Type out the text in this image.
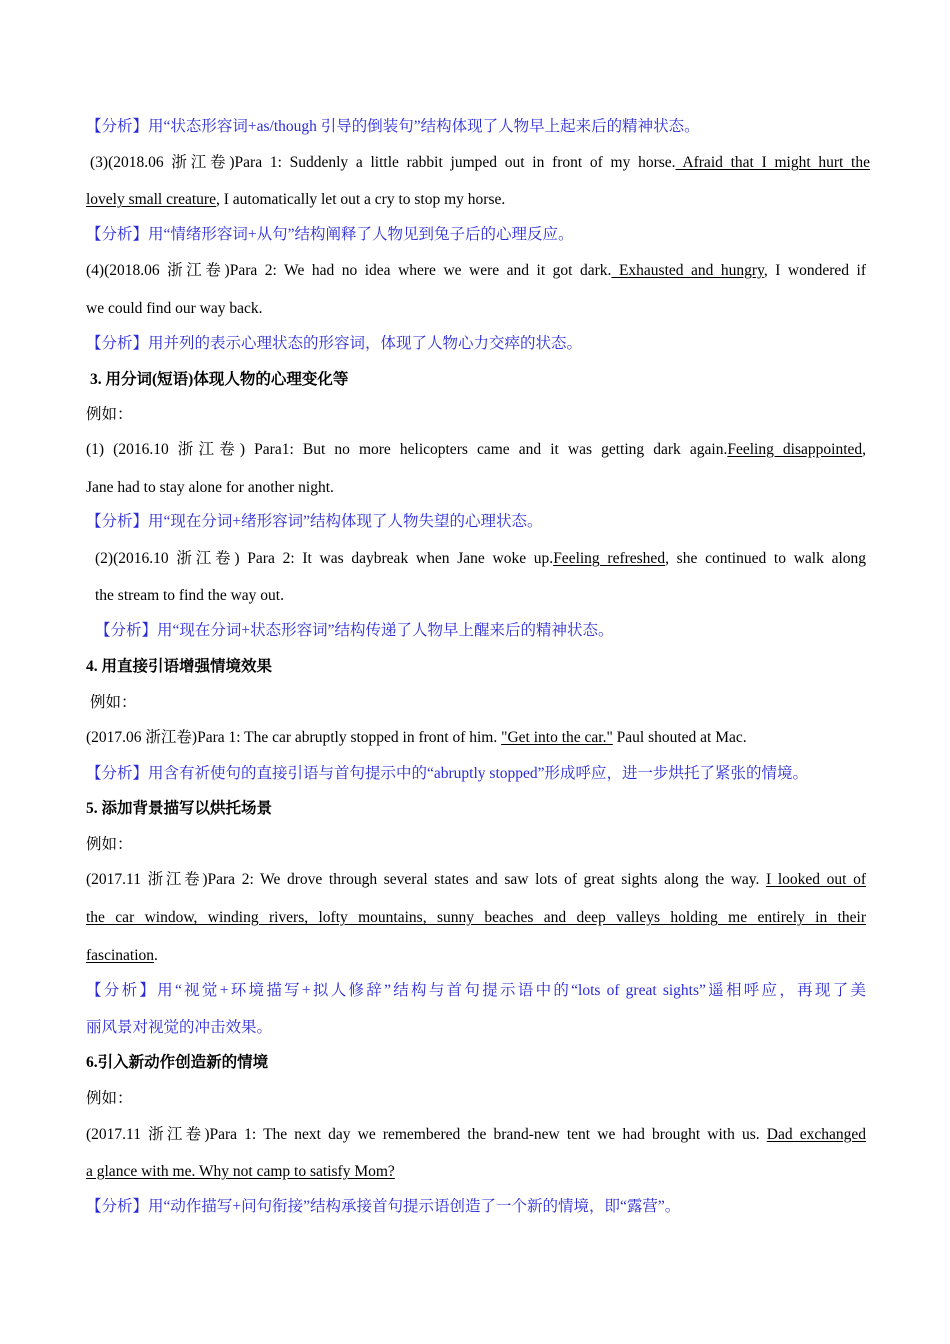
【分析】用“状态形容词+as/though 引导的倒装句”结构体现了人物早上起来后的精神状态。
(3)(2018.06 浙江卷)Para 1: Suddenly a little rabbit jumped out in front of my horse. Afraid that I might hurt the
lovely small creature, I automatically let out a cry to stop my horse.
【分析】用“情绪形容词+从句”结构阐释了人物见到兔子后的心理反应。
(4)(2018.06 浙江卷)Para 2: We had no idea where we were and it got dark. Exhausted and hungry, I wondered if
we could find our way back.
【分析】用并列的表示心理状态的形容词，体现了人物心力交瘁的状态。
3. 用分词(短语)体现人物的心理变化等
例如：
(1) (2016.10 浙江卷) Para1: But no more helicopters came and it was getting dark again.Feeling disappointed,
Jane had to stay alone for another night.
【分析】用“现在分词+绪形容词”结构体现了人物失望的心理状态。
(2)(2016.10 浙江卷) Para 2: It was daybreak when Jane woke up.Feeling refreshed, she continued to walk along
the stream to find the way out.
【分析】用“现在分词+状态形容词”结构传递了人物早上醒来后的精神状态。
4. 用直接引语增强情境效果
例如：
(2017.06 浙江卷)Para 1: The car abruptly stopped in front of him. "Get into the car." Paul shouted at Mac.
【分析】用含有祈使句的直接引语与首句提示中的“abruptly stopped”形成呼应，进一步烘托了紧张的情境。
5. 添加背景描写以烘托场景
例如：
(2017.11 浙江卷)Para 2: We drove through several states and saw lots of great sights along the way. I looked out of
the car window, winding rivers, lofty mountains, sunny beaches and deep valleys holding me entirely in their
fascination.
【分析】用“视觉+环境描写+拟人修辞”结构与首句提示语中的“lots of great sights”遥相呼应，再现了美
丽风景对视觉的冲击效果。
6.引入新动作创造新的情境
例如：
(2017.11 浙江卷)Para 1: The next day we remembered the brand-new tent we had brought with us. Dad exchanged
a glance with me. Why not camp to satisfy Mom?
【分析】用“动作描写+问句衔接”结构承接首句提示语创造了一个新的情境，即“露营”。
